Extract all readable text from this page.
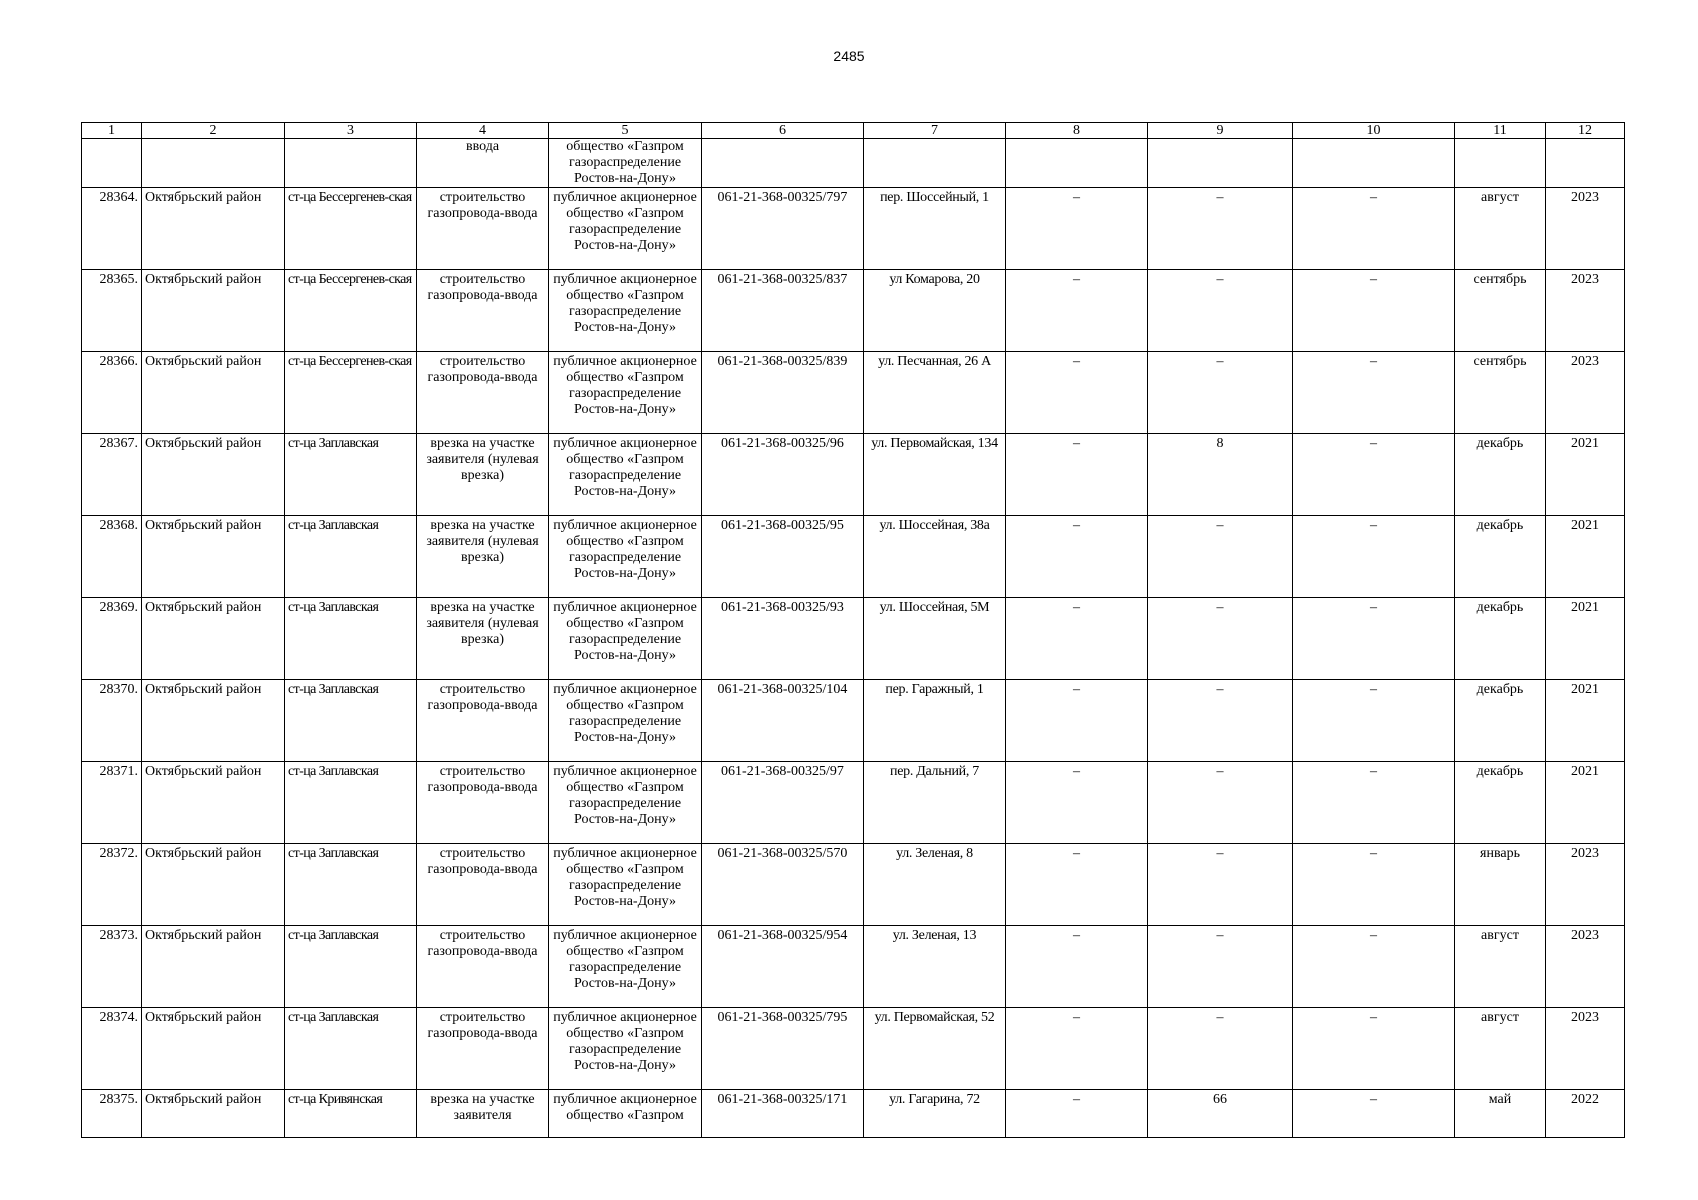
2485
1	2	3	4	5	6	7	8	9	10	11	12
			ввода	общество «Газпром газораспределение Ростов-на-Дону»							
28364.	Октябрьский район	ст-ца Бессергенев-ская	строительство газопровода-ввода	публичное акционерное общество «Газпром газораспределение Ростов-на-Дону»	061-21-368-00325/797	пер. Шоссейный, 1	–	–	–	август	2023
28365.	Октябрьский район	ст-ца Бессергенев-ская	строительство газопровода-ввода	публичное акционерное общество «Газпром газораспределение Ростов-на-Дону»	061-21-368-00325/837	ул Комарова, 20	–	–	–	сентябрь	2023
28366.	Октябрьский район	ст-ца Бессергенев-ская	строительство газопровода-ввода	публичное акционерное общество «Газпром газораспределение Ростов-на-Дону»	061-21-368-00325/839	ул. Песчанная, 26 А	–	–	–	сентябрь	2023
28367.	Октябрьский район	ст-ца Заплавская	врезка на участке заявителя (нулевая врезка)	публичное акционерное общество «Газпром газораспределение Ростов-на-Дону»	061-21-368-00325/96	ул. Первомайская, 134	–	8	–	декабрь	2021
28368.	Октябрьский район	ст-ца Заплавская	врезка на участке заявителя (нулевая врезка)	публичное акционерное общество «Газпром газораспределение Ростов-на-Дону»	061-21-368-00325/95	ул. Шоссейная, 38а	–	–	–	декабрь	2021
28369.	Октябрьский район	ст-ца Заплавская	врезка на участке заявителя (нулевая врезка)	публичное акционерное общество «Газпром газораспределение Ростов-на-Дону»	061-21-368-00325/93	ул. Шоссейная, 5М	–	–	–	декабрь	2021
28370.	Октябрьский район	ст-ца Заплавская	строительство газопровода-ввода	публичное акционерное общество «Газпром газораспределение Ростов-на-Дону»	061-21-368-00325/104	пер. Гаражный, 1	–	–	–	декабрь	2021
28371.	Октябрьский район	ст-ца Заплавская	строительство газопровода-ввода	публичное акционерное общество «Газпром газораспределение Ростов-на-Дону»	061-21-368-00325/97	пер. Дальний, 7	–	–	–	декабрь	2021
28372.	Октябрьский район	ст-ца Заплавская	строительство газопровода-ввода	публичное акционерное общество «Газпром газораспределение Ростов-на-Дону»	061-21-368-00325/570	ул. Зеленая, 8	–	–	–	январь	2023
28373.	Октябрьский район	ст-ца Заплавская	строительство газопровода-ввода	публичное акционерное общество «Газпром газораспределение Ростов-на-Дону»	061-21-368-00325/954	ул. Зеленая, 13	–	–	–	август	2023
28374.	Октябрьский район	ст-ца Заплавская	строительство газопровода-ввода	публичное акционерное общество «Газпром газораспределение Ростов-на-Дону»	061-21-368-00325/795	ул. Первомайская, 52	–	–	–	август	2023
28375.	Октябрьский район	ст-ца Кривянская	врезка на участке заявителя	публичное акционерное общество «Газпром	061-21-368-00325/171	ул. Гагарина, 72	–	66	–	май	2022
